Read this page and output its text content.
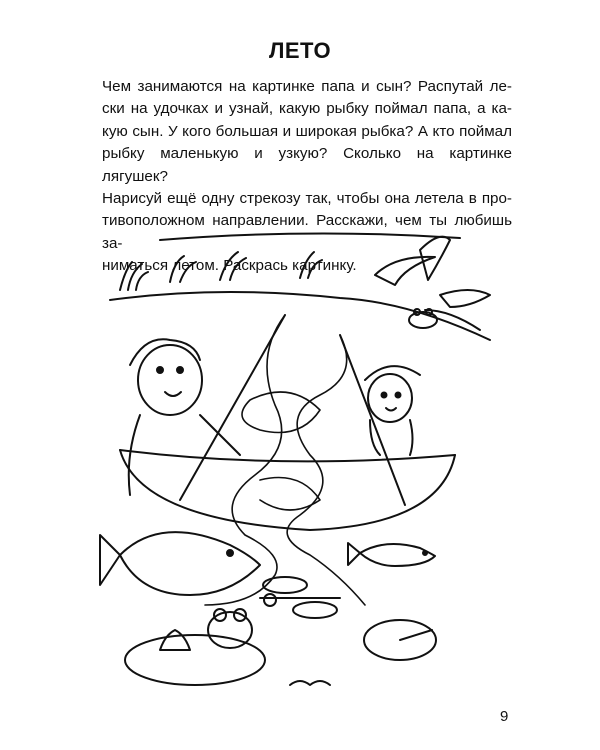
ЛЕТО

Чем занимаются на картинке папа и сын? Распутай ле-
ски на удочках и узнай, какую рыбку поймал папа, а ка-
кую сын. У кого большая и широкая рыбка? А кто поймал
рыбку маленькую и узкую? Сколько на картинке лягушек?
Нарисуй ещё одну стрекозу так, чтобы она летела в про-
тивоположном направлении. Расскажи, чем ты любишь за-
ниматься летом. Раскрась картинку.

9
